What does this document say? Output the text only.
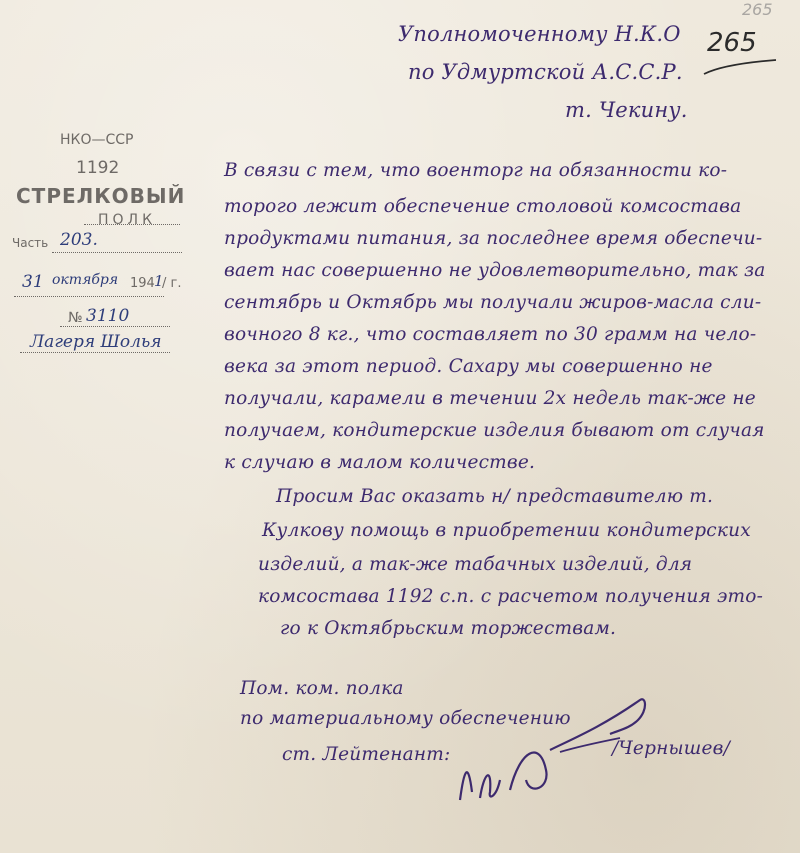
265
265
Уполномоченному Н.К.О
по Удмуртской А.С.С.Р.
т. Чекину.
НКО—ССР
1192
СТРЕЛКОВЫЙ
ПОЛК
Часть 203.
31 октября 194 1
/ г.
№ 3110
Лагеря Шолья
В связи с тем, что военторг на обязанности ко-
торого лежит обеспечение столовой комсостава
продуктами питания, за последнее время обеспечи-
вает нас совершенно не удовлетворительно, так за
сентябрь и Октябрь мы получали жиров-масла сли-
вочного 8 кг., что составляет по 30 грамм на чело-
века за этот период. Сахару мы совершенно не
получали, карамели в течении 2х недель так-же не
получаем, кондитерские изделия бывают от случая
к случаю в малом количестве.
Просим Вас оказать н/ представителю т.
Кулкову помощь в приобретении кондитерских
изделий, а так-же табачных изделий, для
комсостава 1192 с.п. с расчетом получения это-
го к Октябрьским торжествам.
Пом. ком. полка
по материальному обеспечению
ст. Лейтенант:	/Чернышев/
